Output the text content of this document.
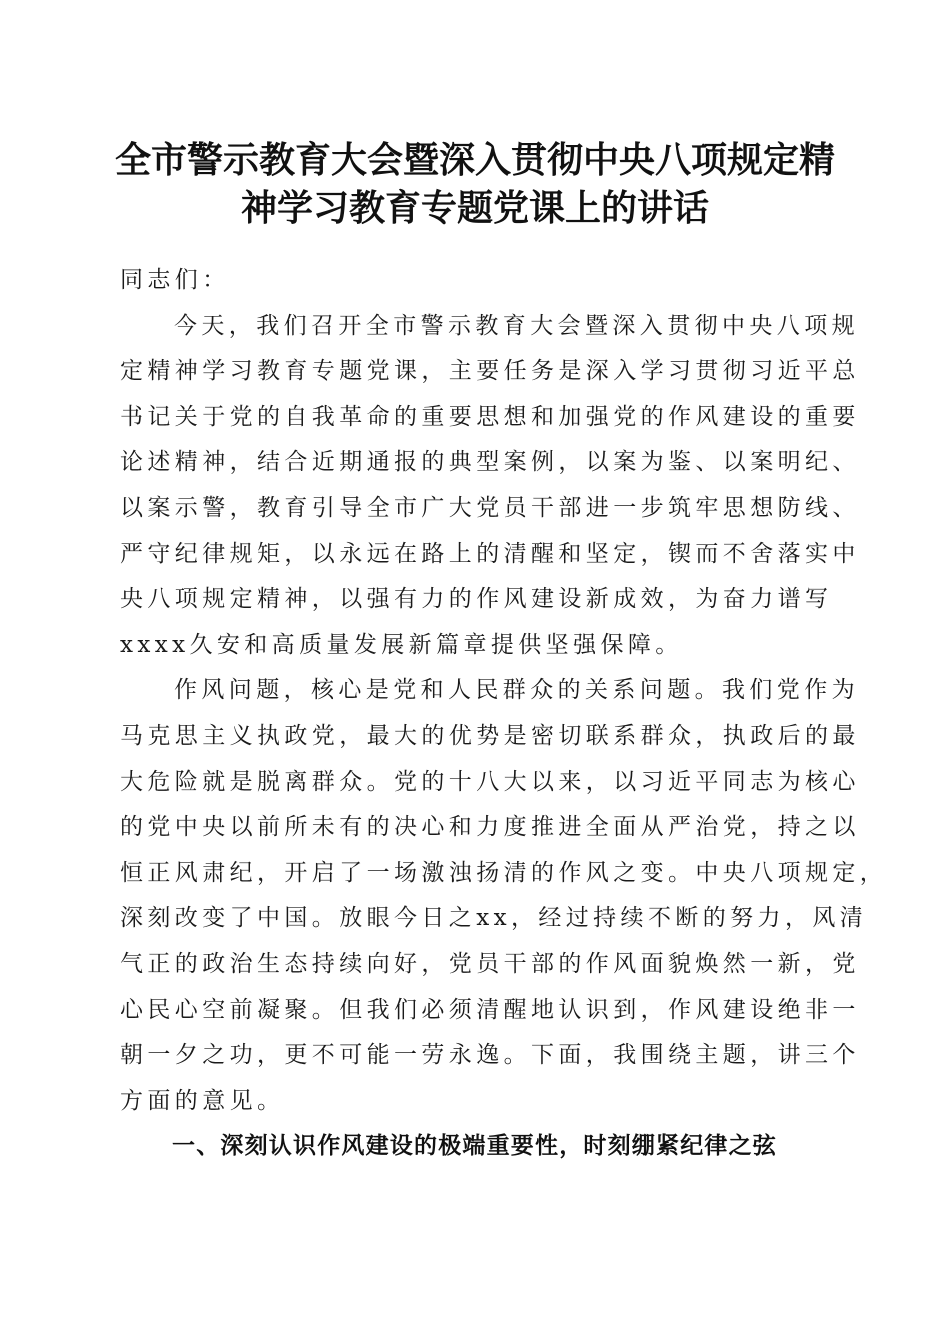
全市警示教育大会暨深入贯彻中央八项规定精
神学习教育专题党课上的讲话
同志们：
今天，我们召开全市警示教育大会暨深入贯彻中央八项规
定精神学习教育专题党课，主要任务是深入学习贯彻习近平总
书记关于党的自我革命的重要思想和加强党的作风建设的重要
论述精神，结合近期通报的典型案例，以案为鉴、以案明纪、
以案示警，教育引导全市广大党员干部进一步筑牢思想防线、
严守纪律规矩，以永远在路上的清醒和坚定，锲而不舍落实中
央八项规定精神，以强有力的作风建设新成效，为奋力谱写
xxxx久安和高质量发展新篇章提供坚强保障。
作风问题，核心是党和人民群众的关系问题。我们党作为
马克思主义执政党，最大的优势是密切联系群众，执政后的最
大危险就是脱离群众。党的十八大以来，以习近平同志为核心
的党中央以前所未有的决心和力度推进全面从严治党，持之以
恒正风肃纪，开启了一场激浊扬清的作风之变。中央八项规定，
深刻改变了中国。放眼今日之xx，经过持续不断的努力，风清
气正的政治生态持续向好，党员干部的作风面貌焕然一新，党
心民心空前凝聚。但我们必须清醒地认识到，作风建设绝非一
朝一夕之功，更不可能一劳永逸。下面，我围绕主题，讲三个
方面的意见。
一、深刻认识作风建设的极端重要性，时刻绷紧纪律之弦
